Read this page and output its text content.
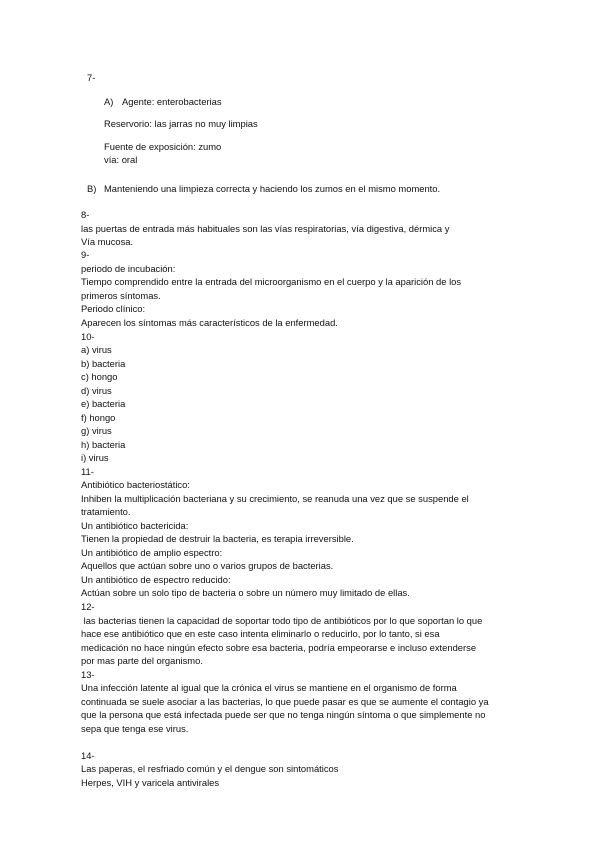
7-
A) Agente: enterobacterias
Reservorio: las jarras no muy limpias
Fuente de exposición: zumo
vía: oral
B) Manteniendo una limpieza correcta y haciendo los zumos en el mismo momento.
8-
las puertas de entrada más habituales son las vías respiratorias, vía digestiva, dérmica y
Vía mucosa.
9-
periodo de incubación:
Tiempo comprendido entre la entrada del microorganismo en el cuerpo y la aparición de los
primeros síntomas.
Periodo clínico:
Aparecen los síntomas más característicos de la enfermedad.
10-
a) virus
b) bacteria
c) hongo
d) virus
e) bacteria
f) hongo
g) virus
h) bacteria
i) virus
11-
Antibiótico bacteriostático:
Inhiben la multiplicación bacteriana y su crecimiento, se reanuda una vez que se suspende el
tratamiento.
Un antibiótico bactericida:
Tienen la propiedad de destruir la bacteria, es terapia irreversible.
Un antibiótico de amplio espectro:
Aquellos que actúan sobre uno o varios grupos de bacterias.
Un antibiótico de espectro reducido:
Actúan sobre un solo tipo de bacteria o sobre un número muy limitado de ellas.
12-
las bacterias tienen la capacidad de soportar todo tipo de antibióticos por lo que soportan lo que
hace ese antibiótico que en este caso intenta eliminarlo o reducirlo, por lo tanto, si esa
medicación no hace ningún efecto sobre esa bacteria, podría empeorarse e incluso extenderse
por mas parte del organismo.
13-
Una infección latente al igual que la crónica el virus se mantiene en el organismo de forma
continuada se suele asociar a las bacterias, lo que puede pasar es que se aumente el contagio ya
que la persona que está infectada puede ser que no tenga ningún síntoma o que simplemente no
sepa que tenga ese virus.
14-
Las paperas, el resfriado común y el dengue son sintomáticos
Herpes, VIH y varicela antivirales
